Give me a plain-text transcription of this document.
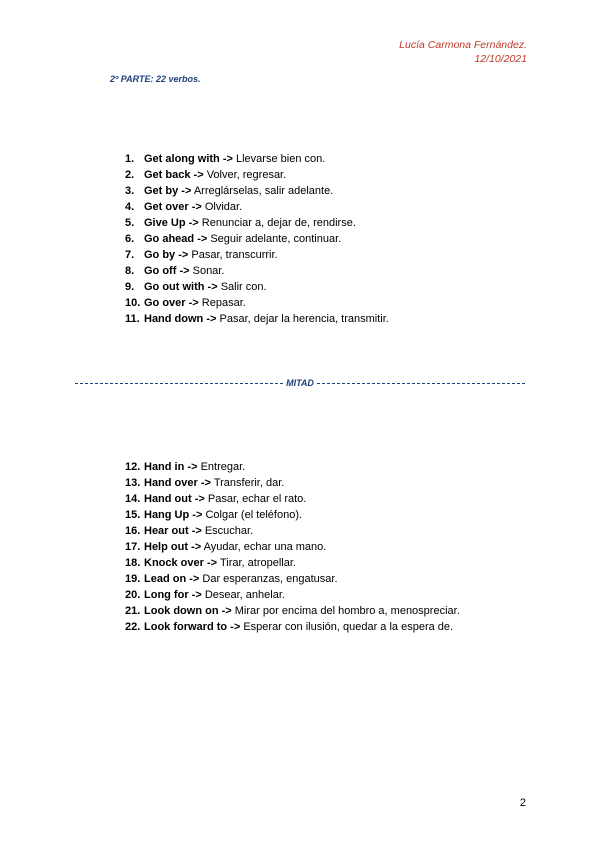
Lucía Carmona Fernández.
12/10/2021
2º PARTE: 22 verbos.
1. Get along with -> Llevarse bien con.
2. Get back -> Volver, regresar.
3. Get by -> Arreglárselas, salir adelante.
4. Get over -> Olvidar.
5. Give Up -> Renunciar a, dejar de, rendirse.
6. Go ahead -> Seguir adelante, continuar.
7. Go by -> Pasar, transcurrir.
8. Go off -> Sonar.
9. Go out with -> Salir con.
10. Go over -> Repasar.
11. Hand down -> Pasar, dejar la herencia, transmitir.
MITAD
12. Hand in -> Entregar.
13. Hand over -> Transferir, dar.
14. Hand out -> Pasar, echar el rato.
15. Hang Up -> Colgar (el teléfono).
16. Hear out -> Escuchar.
17. Help out -> Ayudar, echar una mano.
18. Knock over -> Tirar, atropellar.
19. Lead on -> Dar esperanzas, engatusar.
20. Long for -> Desear, anhelar.
21. Look down on -> Mirar por encima del hombro a, menospreciar.
22. Look forward to -> Esperar con ilusión, quedar a la espera de.
2
